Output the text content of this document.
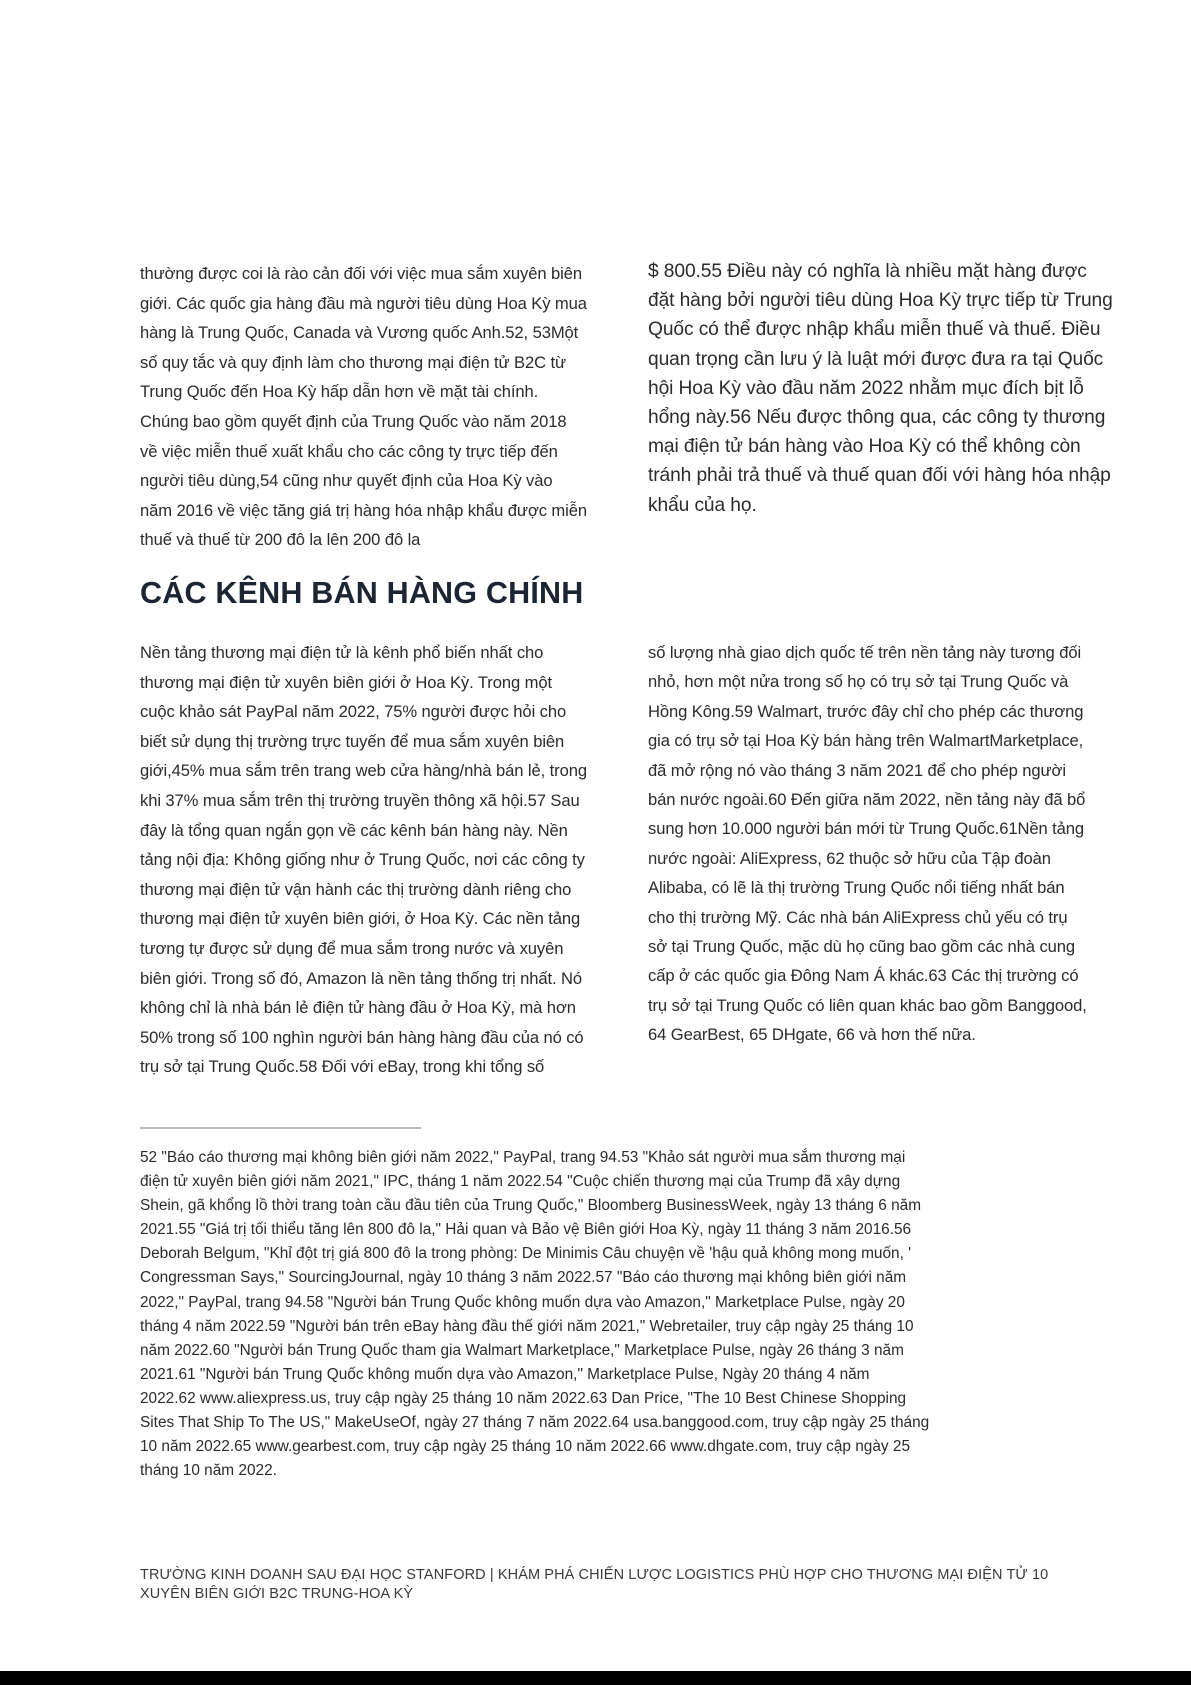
thường được coi là rào cản đối với việc mua sắm xuyên biên
giới. Các quốc gia hàng đầu mà người tiêu dùng Hoa Kỳ mua
hàng là Trung Quốc, Canada và Vương quốc Anh.52, 53Một
số quy tắc và quy định làm cho thương mại điện tử B2C từ
Trung Quốc đến Hoa Kỳ hấp dẫn hơn về mặt tài chính.
Chúng bao gồm quyết định của Trung Quốc vào năm 2018
về việc miễn thuế xuất khẩu cho các công ty trực tiếp đến
người tiêu dùng,54 cũng như quyết định của Hoa Kỳ vào
năm 2016 về việc tăng giá trị hàng hóa nhập khẩu được miễn
thuế và thuế từ 200 đô la lên 200 đô la
$ 800.55 Điều này có nghĩa là nhiều mặt hàng được
đặt hàng bởi người tiêu dùng Hoa Kỳ trực tiếp từ Trung
Quốc có thể được nhập khẩu miễn thuế và thuế. Điều
quan trọng cần lưu ý là luật mới được đưa ra tại Quốc
hội Hoa Kỳ vào đầu năm 2022 nhằm mục đích bịt lỗ
hổng này.56 Nếu được thông qua, các công ty thương
mại điện tử bán hàng vào Hoa Kỳ có thể không còn
tránh phải trả thuế và thuế quan đối với hàng hóa nhập
khẩu của họ.
CÁC KÊNH BÁN HÀNG CHÍNH
Nền tảng thương mại điện tử là kênh phổ biến nhất cho
thương mại điện tử xuyên biên giới ở Hoa Kỳ. Trong một
cuộc khảo sát PayPal năm 2022, 75% người được hỏi cho
biết sử dụng thị trường trực tuyến để mua sắm xuyên biên
giới,45% mua sắm trên trang web cửa hàng/nhà bán lẻ, trong
khi 37% mua sắm trên thị trường truyền thông xã hội.57 Sau
đây là tổng quan ngắn gọn về các kênh bán hàng này. Nền
tảng nội địa: Không giống như ở Trung Quốc, nơi các công ty
thương mại điện tử vận hành các thị trường dành riêng cho
thương mại điện tử xuyên biên giới, ở Hoa Kỳ. Các nền tảng
tương tự được sử dụng để mua sắm trong nước và xuyên
biên giới. Trong số đó, Amazon là nền tảng thống trị nhất. Nó
không chỉ là nhà bán lẻ điện tử hàng đầu ở Hoa Kỳ, mà hơn
50% trong số 100 nghìn người bán hàng hàng đầu của nó có
trụ sở tại Trung Quốc.58 Đối với eBay, trong khi tổng số
số lượng nhà giao dịch quốc tế trên nền tảng này tương đối
nhỏ, hơn một nửa trong số họ có trụ sở tại Trung Quốc và
Hồng Kông.59 Walmart, trước đây chỉ cho phép các thương
gia có trụ sở tại Hoa Kỳ bán hàng trên WalmartMarketplace,
đã mở rộng nó vào tháng 3 năm 2021 để cho phép người
bán nước ngoài.60 Đến giữa năm 2022, nền tảng này đã bổ
sung hơn 10.000 người bán mới từ Trung Quốc.61Nền tảng
nước ngoài: AliExpress, 62 thuộc sở hữu của Tập đoàn
Alibaba, có lẽ là thị trường Trung Quốc nổi tiếng nhất bán
cho thị trường Mỹ. Các nhà bán AliExpress chủ yếu có trụ
sở tại Trung Quốc, mặc dù họ cũng bao gồm các nhà cung
cấp ở các quốc gia Đông Nam Á khác.63 Các thị trường có
trụ sở tại Trung Quốc có liên quan khác bao gồm Banggood,
64 GearBest, 65 DHgate, 66 và hơn thế nữa.
52 "Báo cáo thương mại không biên giới năm 2022," PayPal, trang 94.53 "Khảo sát người mua sắm thương mại
điện tử xuyên biên giới năm 2021," IPC, tháng 1 năm 2022.54 "Cuộc chiến thương mại của Trump đã xây dựng
Shein, gã khổng lồ thời trang toàn cầu đầu tiên của Trung Quốc," Bloomberg BusinessWeek, ngày 13 tháng 6 năm
2021.55 "Giá trị tối thiểu tăng lên 800 đô la," Hải quan và Bảo vệ Biên giới Hoa Kỳ, ngày 11 tháng 3 năm 2016.56
Deborah Belgum, "Khỉ đột trị giá 800 đô la trong phòng: De Minimis Câu chuyện về 'hậu quả không mong muốn, '
Congressman Says," SourcingJournal, ngày 10 tháng 3 năm 2022.57 "Báo cáo thương mại không biên giới năm
2022," PayPal, trang 94.58 "Người bán Trung Quốc không muốn dựa vào Amazon," Marketplace Pulse, ngày 20
tháng 4 năm 2022.59 "Người bán trên eBay hàng đầu thế giới năm 2021," Webretailer, truy cập ngày 25 tháng 10
năm 2022.60 "Người bán Trung Quốc tham gia Walmart Marketplace," Marketplace Pulse, ngày 26 tháng 3 năm
2021.61 "Người bán Trung Quốc không muốn dựa vào Amazon," Marketplace Pulse, Ngày 20 tháng 4 năm
2022.62 www.aliexpress.us, truy cập ngày 25 tháng 10 năm 2022.63 Dan Price, "The 10 Best Chinese Shopping
Sites That Ship To The US," MakeUseOf, ngày 27 tháng 7 năm 2022.64 usa.banggood.com, truy cập ngày 25 tháng
10 năm 2022.65 www.gearbest.com, truy cập ngày 25 tháng 10 năm 2022.66 www.dhgate.com, truy cập ngày 25
tháng 10 năm 2022.
TRƯỜNG KINH DOANH SAU ĐẠI HỌC STANFORD | KHÁM PHÁ CHIẾN LƯỢC LOGISTICS PHÙ HỢP CHO THƯƠNG MẠI ĐIỆN TỬ 10
XUYÊN BIÊN GIỚI B2C TRUNG-HOA KỲ
